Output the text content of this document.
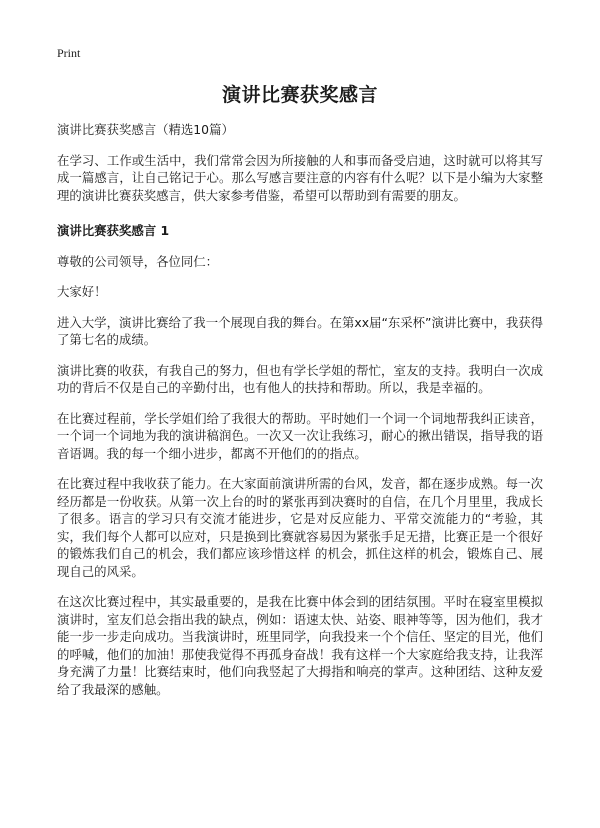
Print
演讲比赛获奖感言

演讲比赛获奖感言（精选10篇）

在学习、工作或生活中，我们常常会因为所接触的人和事而备受启迪，这时就可以将其写成一篇感言，让自己铭记于心。那么写感言要注意的内容有什么呢？以下是小编为大家整理的演讲比赛获奖感言，供大家参考借鉴，希望可以帮助到有需要的朋友。

演讲比赛获奖感言 1

尊敬的公司领导，各位同仁：

大家好！

进入大学，演讲比赛给了我一个展现自我的舞台。在第xx届“东采杯”演讲比赛中，我获得了第七名的成绩。

演讲比赛的收获，有我自己的努力，但也有学长学姐的帮忙，室友的支持。我明白一次成功的背后不仅是自己的辛勤付出，也有他人的扶持和帮助。所以，我是幸福的。

在比赛过程前，学长学姐们给了我很大的帮助。平时她们一个词一个词地帮我纠正读音，一个词一个词地为我的演讲稿润色。一次又一次让我练习，耐心的揪出错误，指导我的语音语调。我的每一个细小进步，都离不开他们的的指点。

在比赛过程中我收获了能力。在大家面前演讲所需的台风，发音，都在逐步成熟。每一次经历都是一份收获。从第一次上台的时的紧张再到决赛时的自信，在几个月里里，我成长了很多。语言的学习只有交流才能进步，它是对反应能力、平常交流能力的“考验，其实，我们每个人都可以应对，只是换到比赛就容易因为紧张手足无措，比赛正是一个很好的锻炼我们自己的机会，我们都应该珍惜这样 的机会，抓住这样的机会，锻炼自己、展现自己的风采。

在这次比赛过程中，其实最重要的，是我在比赛中体会到的团结氛围。平时在寝室里模拟演讲时，室友们总会指出我的缺点，例如：语速太快、站姿、眼神等等，因为他们，我才能一步一步走向成功。当我演讲时，班里同学，向我投来一个个信任、坚定的目光，他们的呼喊，他们的加油！那使我觉得不再孤身奋战！我有这样一个大家庭给我支持，让我浑身充满了力量！比赛结束时，他们向我竖起了大拇指和响亮的掌声。这种团结、这种友爱给了我最深的感触。
